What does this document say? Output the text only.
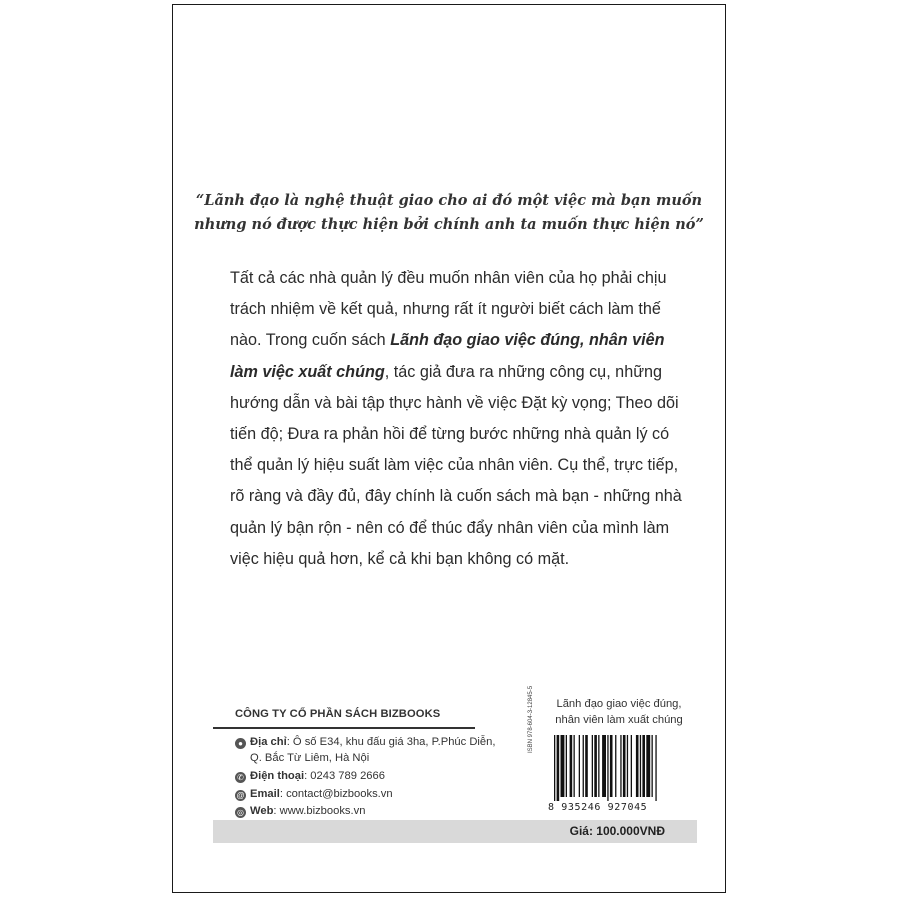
“Lãnh đạo là nghệ thuật giao cho ai đó một việc mà bạn muốn
nhưng nó được thực hiện bởi chính anh ta muốn thực hiện nó”
Tất cả các nhà quản lý đều muốn nhân viên của họ phải chịu
trách nhiệm về kết quả, nhưng rất ít người biết cách làm thế
nào. Trong cuốn sách Lãnh đạo giao việc đúng, nhân viên
làm việc xuất chúng, tác giả đưa ra những công cụ, những
hướng dẫn và bài tập thực hành về việc Đặt kỳ vọng; Theo dõi
tiến độ; Đưa ra phản hồi để từng bước những nhà quản lý có
thể quản lý hiệu suất làm việc của nhân viên. Cụ thể, trực tiếp,
rõ ràng và đầy đủ, đây chính là cuốn sách mà bạn - những nhà
quản lý bận rộn - nên có để thúc đẩy nhân viên của mình làm
việc hiệu quả hơn, kể cả khi bạn không có mặt.
CÔNG TY CỔ PHẦN SÁCH BIZBOOKS
● Địa chỉ: Ô số E34, khu đấu giá 3ha, P.Phúc Diễn,
Q. Bắc Từ Liêm, Hà Nội
✆ Điện thoại: 0243 789 2666
@ Email: contact@bizbooks.vn
◎ Web: www.bizbooks.vn
Lãnh đạo giao việc đúng,
nhân viên làm xuất chúng
ISBN 978-604-3-12845-5
8 935246 927045
Giá: 100.000VNĐ
